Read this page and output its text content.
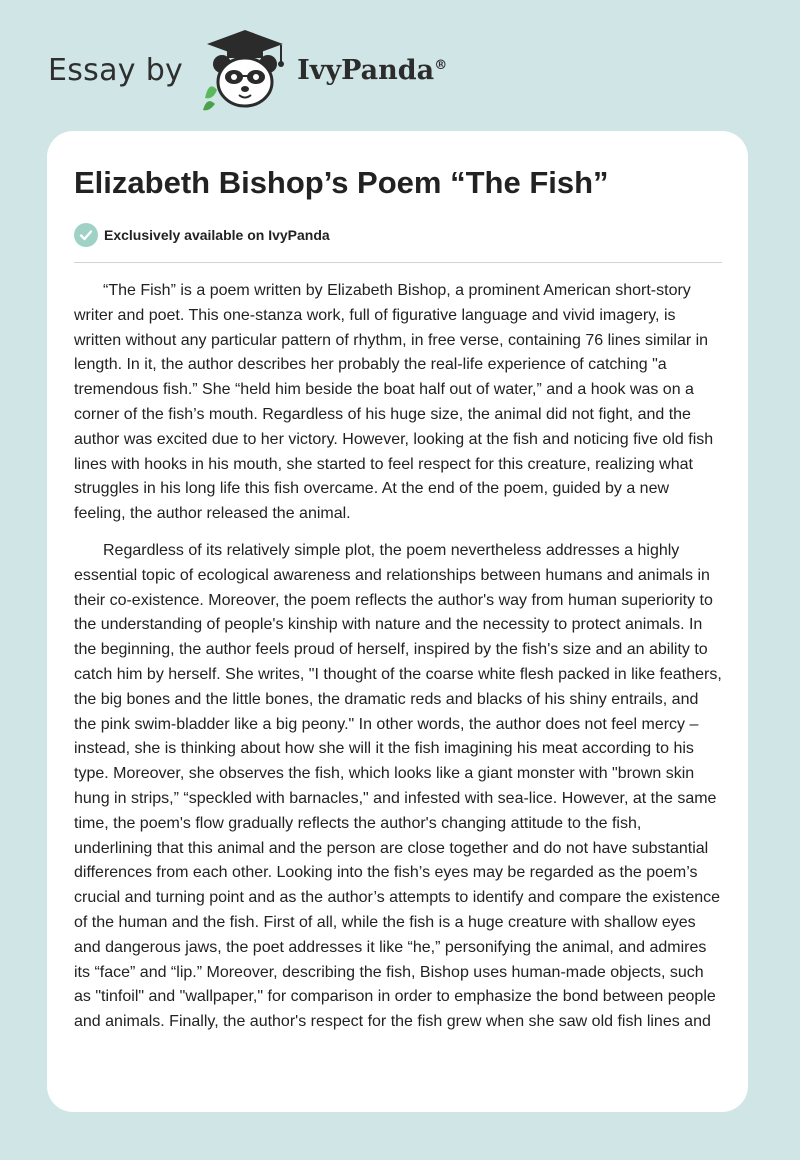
Essay by	IvyPanda®
Elizabeth Bishop’s Poem “The Fish”
Exclusively available on IvyPanda

“The Fish” is a poem written by Elizabeth Bishop, a prominent American short-story writer and poet. This one-stanza work, full of figurative language and vivid imagery, is written without any particular pattern of rhythm, in free verse, containing 76 lines similar in length. In it, the author describes her probably the real-life experience of catching "a tremendous fish.” She “held him beside the boat half out of water,” and a hook was on a corner of the fish’s mouth. Regardless of his huge size, the animal did not fight, and the author was excited due to her victory. However, looking at the fish and noticing five old fish lines with hooks in his mouth, she started to feel respect for this creature, realizing what struggles in his long life this fish overcame. At the end of the poem, guided by a new feeling, the author released the animal.

Regardless of its relatively simple plot, the poem nevertheless addresses a highly essential topic of ecological awareness and relationships between humans and animals in their co-existence. Moreover, the poem reflects the author's way from human superiority to the understanding of people's kinship with nature and the necessity to protect animals. In the beginning, the author feels proud of herself, inspired by the fish's size and an ability to catch him by herself. She writes, "I thought of the coarse white flesh packed in like feathers, the big bones and the little bones, the dramatic reds and blacks of his shiny entrails, and the pink swim-bladder like a big peony." In other words, the author does not feel mercy – instead, she is thinking about how she will it the fish imagining his meat according to his type. Moreover, she observes the fish, which looks like a giant monster with "brown skin hung in strips,” “speckled with barnacles," and infested with sea-lice. However, at the same time, the poem's flow gradually reflects the author's changing attitude to the fish, underlining that this animal and the person are close together and do not have substantial differences from each other. Looking into the fish’s eyes may be regarded as the poem’s crucial and turning point and as the author’s attempts to identify and compare the existence of the human and the fish. First of all, while the fish is a huge creature with shallow eyes and dangerous jaws, the poet addresses it like “he,” personifying the animal, and admires its “face” and “lip.” Moreover, describing the fish, Bishop uses human-made objects, such as "tinfoil" and "wallpaper," for comparison in order to emphasize the bond between people and animals. Finally, the author's respect for the fish grew when she saw old fish lines and
